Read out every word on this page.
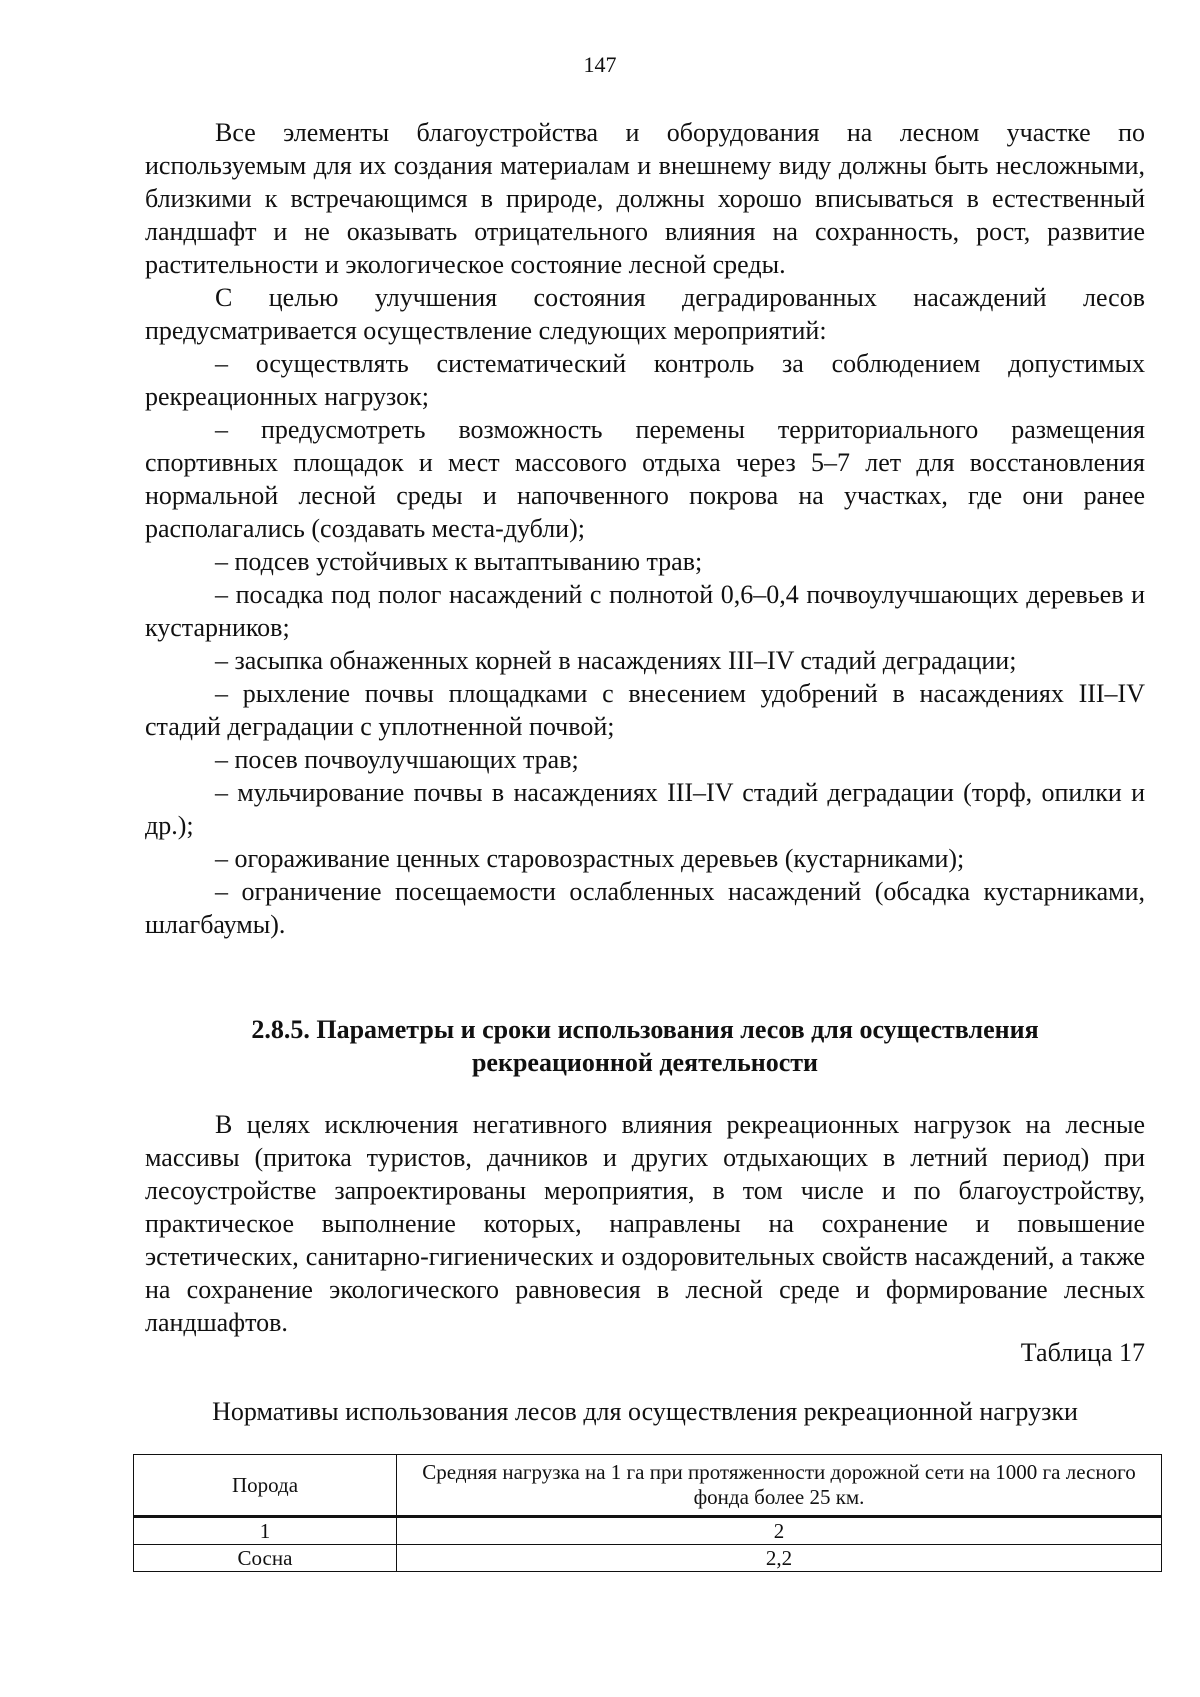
147

Все элементы благоустройства и оборудования на лесном участке по используемым для их создания материалам и внешнему виду должны быть несложными, близкими к встречающимся в природе, должны хорошо вписываться в естественный ландшафт и не оказывать отрицательного влияния на сохранность, рост, развитие растительности и экологическое состояние лесной среды.

С целью улучшения состояния деградированных насаждений лесов предусматривается осуществление следующих мероприятий:

– осуществлять систематический контроль за соблюдением допустимых рекреационных нагрузок;

– предусмотреть возможность перемены территориального размещения спортивных площадок и мест массового отдыха через 5–7 лет для восстановления нормальной лесной среды и напочвенного покрова на участках, где они ранее располагались (создавать места-дубли);

– подсев устойчивых к вытаптыванию трав;

– посадка под полог насаждений с полнотой 0,6–0,4 почвоулучшающих деревьев и кустарников;

– засыпка обнаженных корней в насаждениях III–IV стадий деградации;

– рыхление почвы площадками с внесением удобрений в насаждениях III–IV стадий деградации с уплотненной почвой;

– посев почвоулучшающих трав;

– мульчирование почвы в насаждениях III–IV стадий деградации (торф, опилки и др.);

– огораживание ценных старовозрастных деревьев (кустарниками);

– ограничение посещаемости ослабленных насаждений (обсадка кустарниками, шлагбаумы).

2.8.5. Параметры и сроки использования лесов для осуществления
рекреационной деятельности

В целях исключения негативного влияния рекреационных нагрузок на лесные массивы (притока туристов, дачников и других отдыхающих в летний период) при лесоустройстве запроектированы мероприятия, в том числе и по благоустройству, практическое выполнение которых, направлены на сохранение и повышение эстетических, санитарно-гигиенических и оздоровительных свойств насаждений, а также на сохранение экологического равновесия в лесной среде и формирование лесных ландшафтов.

Таблица 17
Нормативы использования лесов для осуществления рекреационной нагрузки
Порода	Средняя нагрузка на 1 га при протяженности дорожной сети на 1000 га лесного фонда более 25 км.
1	2
Сосна	2,2
